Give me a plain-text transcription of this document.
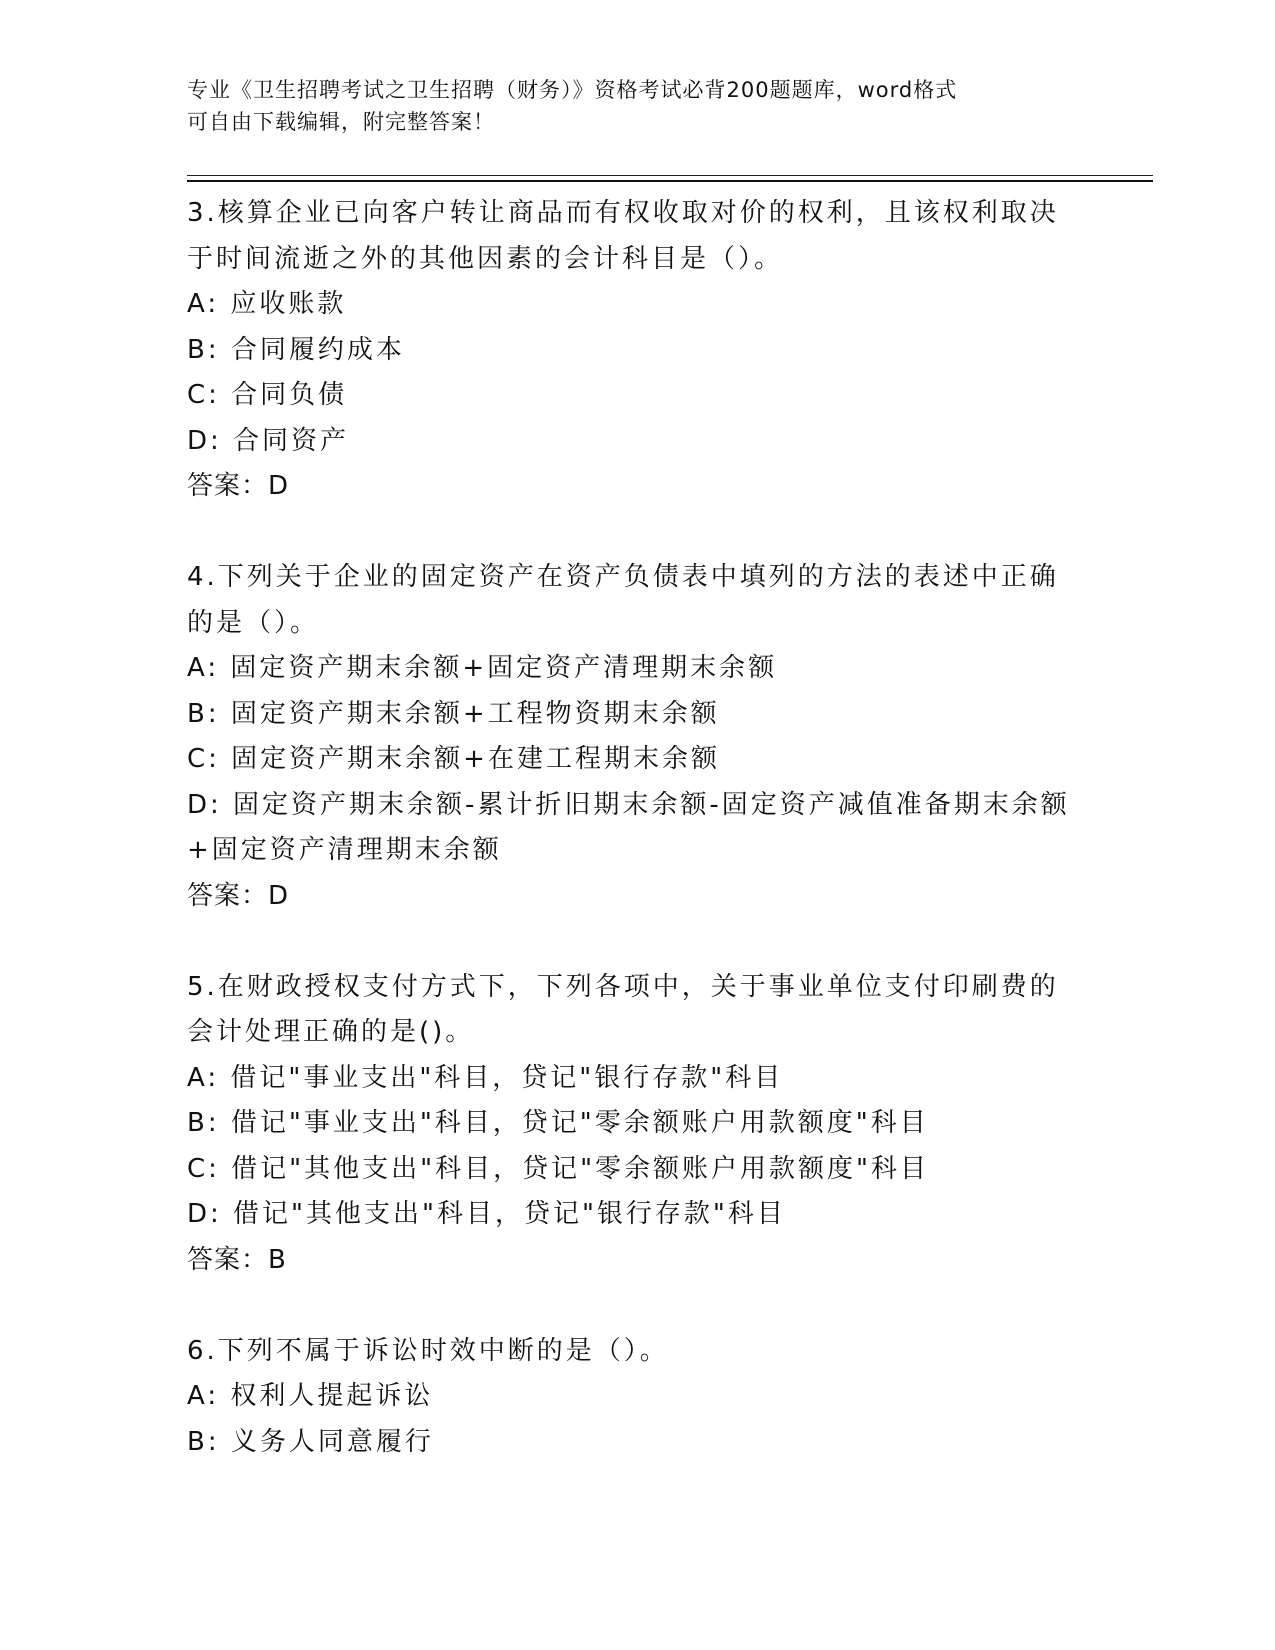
专业《卫生招聘考试之卫生招聘（财务）》资格考试必背200题题库，word格式
可自由下载编辑，附完整答案！
3.核算企业已向客户转让商品而有权收取对价的权利，且该权利取决
于时间流逝之外的其他因素的会计科目是（）。
A: 应收账款
B: 合同履约成本
C: 合同负债
D: 合同资产
答案：D
4.下列关于企业的固定资产在资产负债表中填列的方法的表述中正确
的是（）。
A: 固定资产期末余额+固定资产清理期末余额
B: 固定资产期末余额+工程物资期末余额
C: 固定资产期末余额+在建工程期末余额
D: 固定资产期末余额-累计折旧期末余额-固定资产减值准备期末余额
+固定资产清理期末余额
答案：D
5.在财政授权支付方式下，下列各项中，关于事业单位支付印刷费的
会计处理正确的是()。
A: 借记"事业支出"科目，贷记"银行存款"科目
B: 借记"事业支出"科目，贷记"零余额账户用款额度"科目
C: 借记"其他支出"科目，贷记"零余额账户用款额度"科目
D: 借记"其他支出"科目，贷记"银行存款"科目
答案：B
6.下列不属于诉讼时效中断的是（）。
A: 权利人提起诉讼
B: 义务人同意履行
